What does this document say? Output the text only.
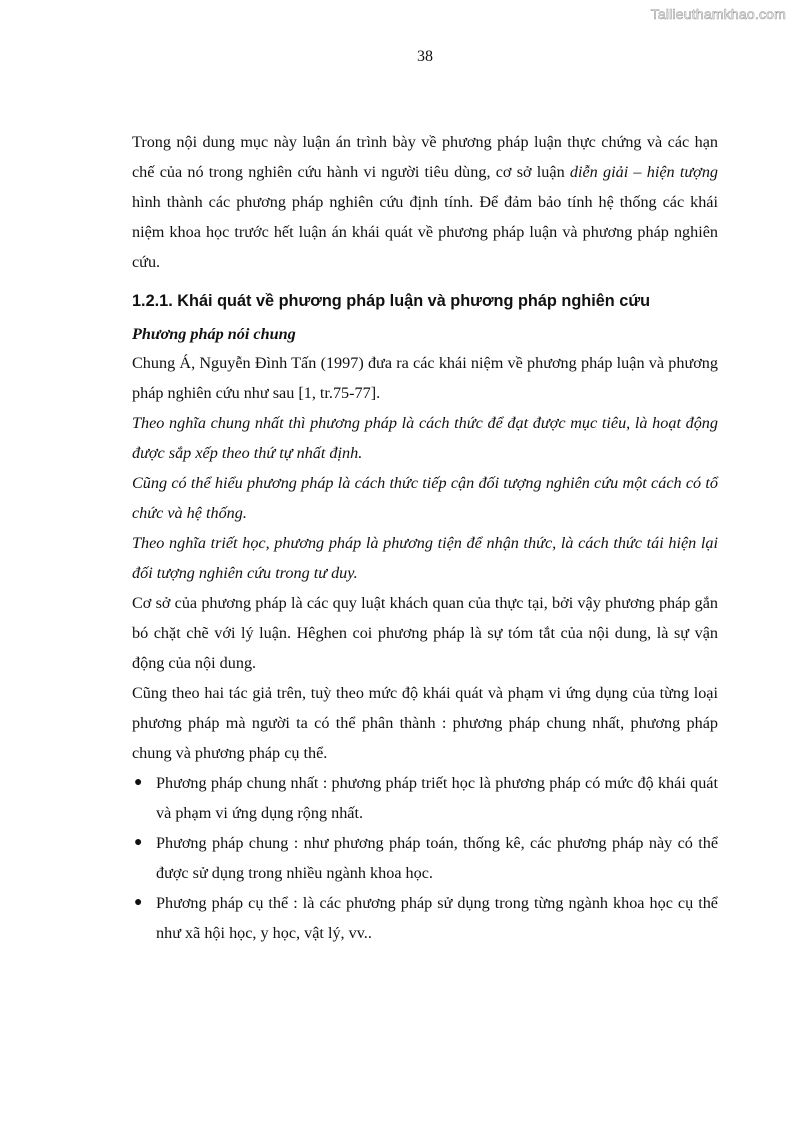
Tailieuthamkhao.com
38

Trong nội dung mục này luận án trình bày về phương pháp luận thực chứng và các hạn chế của nó trong nghiên cứu hành vi người tiêu dùng, cơ sở luận diễn giải – hiện tượng hình thành các phương pháp nghiên cứu định tính. Để đảm bảo tính hệ thống các khái niệm khoa học trước hết luận án khái quát về phương pháp luận và phương pháp nghiên cứu.

1.2.1. Khái quát về phương pháp luận và phương pháp nghiên cứu

Phương pháp nói chung

Chung Á, Nguyễn Đình Tấn (1997) đưa ra các khái niệm về phương pháp luận và phương pháp nghiên cứu như sau [1, tr.75-77].

Theo nghĩa chung nhất thì phương pháp là cách thức để đạt được mục tiêu, là hoạt động được sắp xếp theo thứ tự nhất định.

Cũng có thể hiểu phương pháp là cách thức tiếp cận đối tượng nghiên cứu một cách có tổ chức và hệ thống.

Theo nghĩa triết học, phương pháp là phương tiện để nhận thức, là cách thức tái hiện lại đối tượng nghiên cứu trong tư duy.

Cơ sở của phương pháp là các quy luật khách quan của thực tại, bởi vậy phương pháp gắn bó chặt chẽ với lý luận. Hêghen coi phương pháp là sự tóm tắt của nội dung, là sự vận động của nội dung.

Cũng theo hai tác giả trên, tuỳ theo mức độ khái quát và phạm vi ứng dụng của từng loại phương pháp mà người ta có thể phân thành : phương pháp chung nhất, phương pháp chung và phương pháp cụ thể.

● Phương pháp chung nhất : phương pháp triết học là phương pháp có mức độ khái quát và phạm vi ứng dụng rộng nhất.
● Phương pháp chung : như phương pháp toán, thống kê, các phương pháp này có thể được sử dụng trong nhiều ngành khoa học.
● Phương pháp cụ thể : là các phương pháp sử dụng trong từng ngành khoa học cụ thể như xã hội học, y học, vật lý, vv..
